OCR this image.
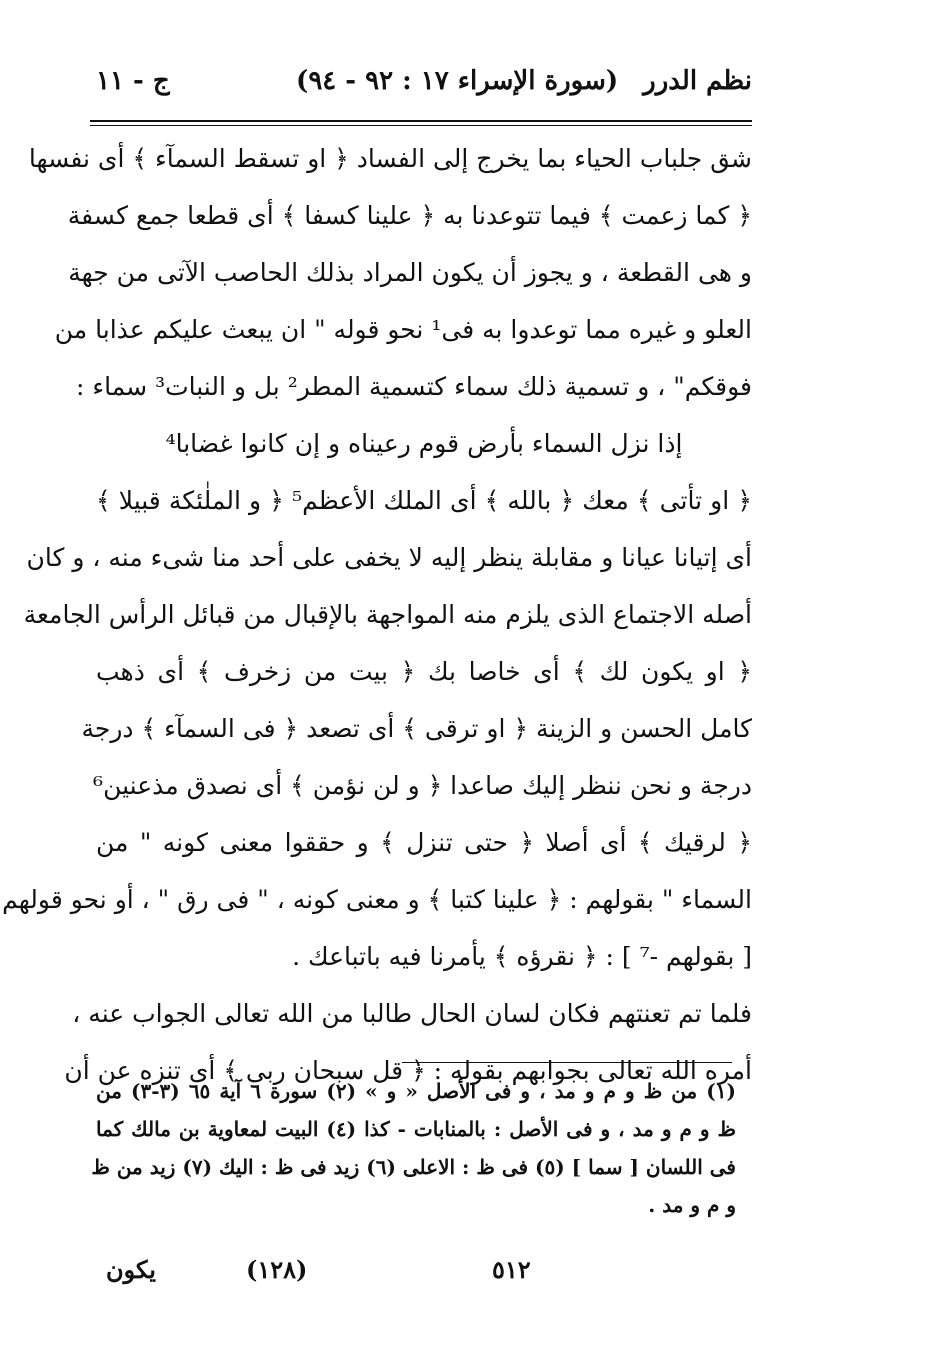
نظم الدرر
(سورة الإسراء ١٧ : ٩٢ - ٩٤)
ج - ١١
شق جلباب الحياء بما يخرج إلى الفساد ﴿ او تسقط السمآء ﴾ أى نفسها
﴿ كما زعمت ﴾ فيما تتوعدنا به ﴿ علينا كسفا ﴾ أى قطعا جمع كسفة
و هى القطعة ، و يجوز أن يكون المراد بذلك الحاصب الآتى من جهة
العلو و غيره مما توعدوا به فى¹ نحو قوله " ان يبعث عليكم عذابا من
فوقكم" ، و تسمية ذلك سماء كتسمية المطر² بل و النبات³ سماء :
إذا نزل السماء بأرض قوم رعيناه و إن كانوا غضابا⁴
﴿ او تأتى ﴾ معك ﴿ بالله ﴾ أى الملك الأعظم⁵ ﴿ و الملٰئكة قبيلا ﴾
أى إتيانا عيانا و مقابلة ينظر إليه لا يخفى على أحد منا شىء منه ، و كان
أصله الاجتماع الذى يلزم منه المواجهة بالإقبال من قبائل الرأس الجامعة
﴿ او يكون لك ﴾ أى خاصا بك ﴿ بيت من زخرف ﴾ أى ذهب
كامل الحسن و الزينة ﴿ او ترقى ﴾ أى تصعد ﴿ فى السمآء ﴾ درجة
درجة و نحن ننظر إليك صاعدا ﴿ و لن نؤمن ﴾ أى نصدق مذعنين⁶
﴿ لرقيك ﴾ أى أصلا ﴿ حتى تنزل ﴾ و حققوا معنى كونه " من
السماء " بقولهم : ﴿ علينا كتبا ﴾ و معنى كونه ، " فى رق " ، أو نحو قولهم
[ بقولهم -⁷ ] : ﴿ نقرؤه ﴾ يأمرنا فيه باتباعك .
فلما تم تعنتهم فكان لسان الحال طالبا من الله تعالى الجواب عنه ،
أمره الله تعالى بجوابهم بقوله : ﴿ قل سبحان ربى ﴾ أى تنزه عن أن
(١) من ظ و م و مد ، و فى الأصل « و » (٢) سورة ٦ آية ٦٥ (٣-٣) من
ظ و م و مد ، و فى الأصل : بالمنابات - كذا (٤) البيت لمعاوية بن مالك كما
فى اللسان [ سما ] (٥) فى ظ : الاعلى (٦) زيد فى ظ : اليك (٧) زيد من ظ
و م و مد .
٥١٢
(١٢٨)
يكون
